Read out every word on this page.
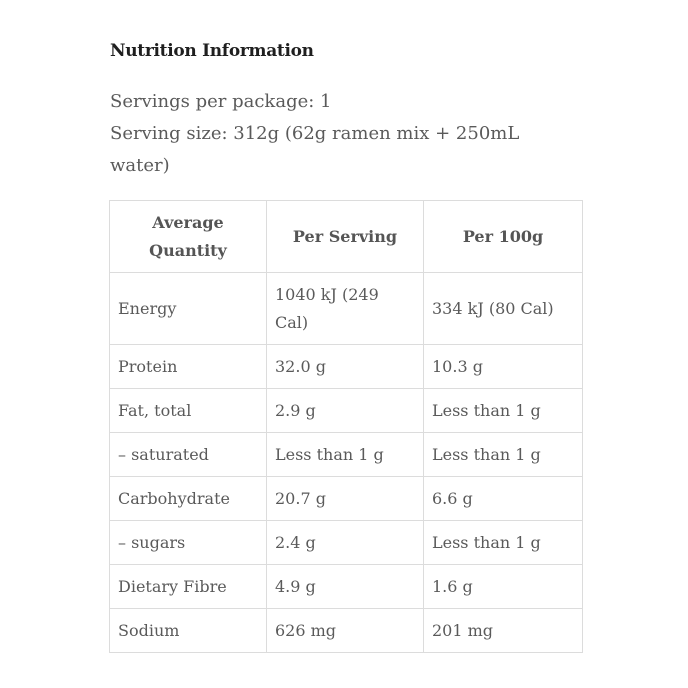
Nutrition Information
Servings per package: 1
Serving size: 312g (62g ramen mix + 250mL water)
Average Quantity	Per Serving	Per 100g
Energy	1040 kJ (249 Cal)	334 kJ (80 Cal)
Protein	32.0 g	10.3 g
Fat, total	2.9 g	Less than 1 g
– saturated	Less than 1 g	Less than 1 g
Carbohydrate	20.7 g	6.6 g
– sugars	2.4 g	Less than 1 g
Dietary Fibre	4.9 g	1.6 g
Sodium	626 mg	201 mg
